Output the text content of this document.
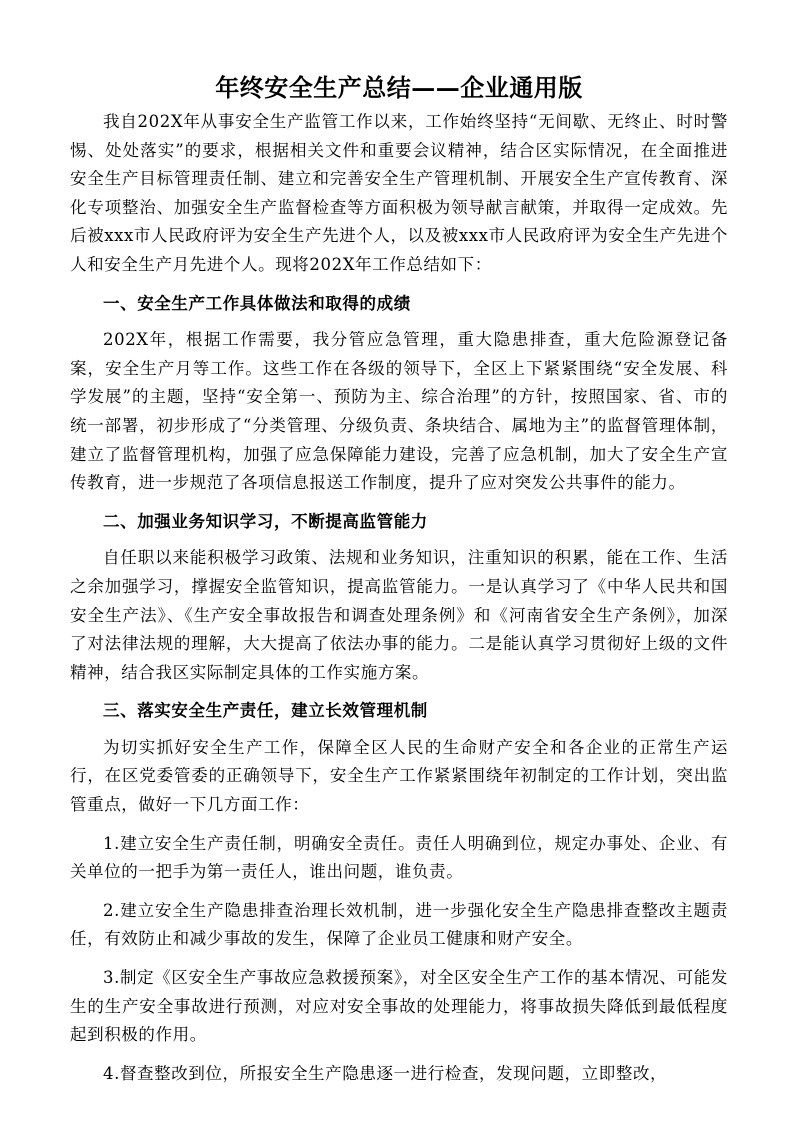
年终安全生产总结——企业通用版

我自202X年从事安全生产监管工作以来，工作始终坚持“无间歇、无终止、时时警惕、处处落实”的要求，根据相关文件和重要会议精神，结合区实际情况，在全面推进安全生产目标管理责任制、建立和完善安全生产管理机制、开展安全生产宣传教育、深化专项整治、加强安全生产监督检查等方面积极为领导献言献策，并取得一定成效。先后被xxx市人民政府评为安全生产先进个人，以及被xxx市人民政府评为安全生产先进个人和安全生产月先进个人。现将202X年工作总结如下：

一、安全生产工作具体做法和取得的成绩

202X年，根据工作需要，我分管应急管理，重大隐患排查，重大危险源登记备案，安全生产月等工作。这些工作在各级的领导下，全区上下紧紧围绕“安全发展、科学发展”的主题，坚持“安全第一、预防为主、综合治理”的方针，按照国家、省、市的统一部署，初步形成了“分类管理、分级负责、条块结合、属地为主”的监督管理体制，建立了监督管理机构，加强了应急保障能力建设，完善了应急机制，加大了安全生产宣传教育，进一步规范了各项信息报送工作制度，提升了应对突发公共事件的能力。

二、加强业务知识学习，不断提高监管能力

自任职以来能积极学习政策、法规和业务知识，注重知识的积累，能在工作、生活之余加强学习，撑握安全监管知识，提高监管能力。一是认真学习了《中华人民共和国安全生产法》、《生产安全事故报告和调查处理条例》和《河南省安全生产条例》，加深了对法律法规的理解，大大提高了依法办事的能力。二是能认真学习贯彻好上级的文件精神，结合我区实际制定具体的工作实施方案。

三、落实安全生产责任，建立长效管理机制

为切实抓好安全生产工作，保障全区人民的生命财产安全和各企业的正常生产运行，在区党委管委的正确领导下，安全生产工作紧紧围绕年初制定的工作计划，突出监管重点，做好一下几方面工作：

1.建立安全生产责任制，明确安全责任。责任人明确到位，规定办事处、企业、有关单位的一把手为第一责任人，谁出问题，谁负责。

2.建立安全生产隐患排查治理长效机制，进一步强化安全生产隐患排查整改主题责任，有效防止和减少事故的发生，保障了企业员工健康和财产安全。

3.制定《区安全生产事故应急救援预案》，对全区安全生产工作的基本情况、可能发生的生产安全事故进行预测，对应对安全事故的处理能力，将事故损失降低到最低程度起到积极的作用。

4.督查整改到位，所报安全生产隐患逐一进行检查，发现问题，立即整改，
